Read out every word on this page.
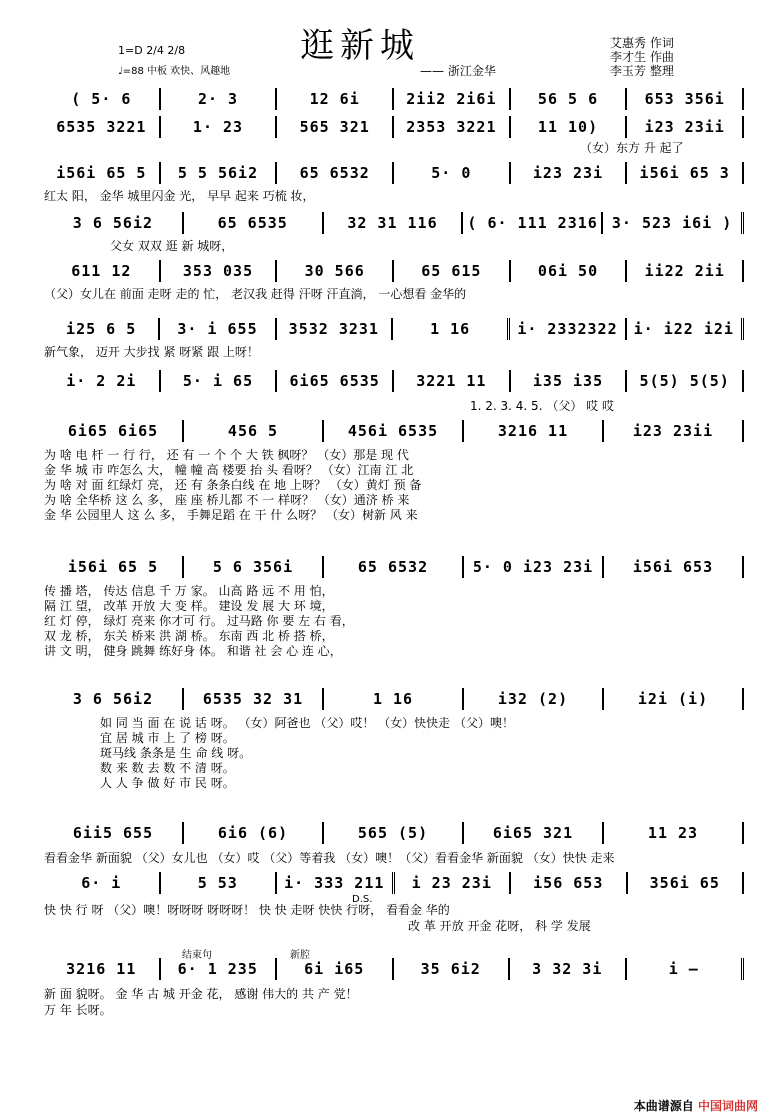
逛新城
—— 浙江金华
1=D 2/4 2/8
♩=88 中板 欢快、风趣地
艾惠秀 作词
李才生 作曲
李玉芳 整理
( 5· 6	2· 3	12 6i	2ii2 2i6i	56 5 6	653 356i
6535 3221	1· 23	565 321	2353 3221	11 10)	i23 23ii
（女）东方 升 起了
i56i 65 5	5 5 56i2	65 6532	5· 0	i23 23i	i56i 65 3
红太 阳， 金华 城里闪金 光， 早早 起来 巧梳 妆，
3 6 56i2	65 6535	32 31 116	( 6· 111 2316 3· 523 i6i )
父女 双双 逛 新 城呀，
611 12	353 035	30 566	65 615	06i 50	ii22 2ii
（父）女儿在 前面 走呀 走的 忙， 老汉我 赶得 汗呀 汗直淌， 一心想看 金华的
i25 6 5	3· i 655	3532 3231	1 16	i· 2332322	i· i22 i2i
新气象， 迈开 大步找 紧 呀紧 跟 上呀！
i· 2 2i	5· i 65	6i65 6535	3221 11	i35 i35	5(5) 5(5)
1. 2. 3. 4. 5. （父） 哎 哎
6i65 6i65	456 5	456i 6535	3216 11	i23 23ii
为 啥 电 杆 一 行 行， 还 有 一 个 个 大 铁 枫呀？ （女）那是 现 代
金 华 城 市 咋怎么 大， 幢 幢 高 楼要 抬 头 看呀？ （女）江南 江 北
为 啥 对 面 红绿灯 亮， 还 有 条条白线 在 地 上呀？ （女）黄灯 预 备
为 啥 全华桥 这 么 多， 座 座 桥儿都 不 一 样呀？ （女）通济 桥 来
金 华 公园里人 这 么 多， 手舞足蹈 在 干 什 么呀？ （女）树新 风 来
i56i 65 5	5 6 356i	65 6532	5· 0 i23 23i	i56i 653
传 播 塔， 传达 信息 千 万 家。 山高 路 远 不 用 怕，
隔 江 望， 改革 开放 大 变 样。 建设 发 展 大 环 境，
红 灯 停， 绿灯 亮来 你才可 行。 过马路 你 要 左 右 看，
双 龙 桥， 东关 桥来 洪 湖 桥。 东南 西 北 桥 搭 桥，
讲 文 明， 健身 跳舞 练好身 体。 和谐 社 会 心 连 心，
3 6 56i2	6535 32 31	1 16	i32 (2)	i2i (i)
如 同 当 面 在 说 话 呀。 （女）阿爸也 （父）哎！ （女）快快走 （父）噢！
宜 居 城 市 上 了 榜 呀。
斑马线 条条是 生 命 线 呀。
数 来 数 去 数 不 清 呀。
人 人 争 做 好 市 民 呀。
6ii5 655	6i6 (6)	565 (5)	6i65 321	11 23
看看金华 新面貌 （父）女儿也 （女）哎 （父）等着我 （女）噢！（父）看看金华 新面貌 （女）快快 走来
6· i	5 53	i· 333 211	i 23 23i	i56 653	356i 65
D.S.
快 快 行 呀 （父）噢！呀呀呀 呀呀呀！ 快 快 走呀 快快 行呀， 看看金 华的
改 革 开放 开金 花呀， 科 学 发展
结束句	新腔
3216 11	6· 1 235	6i i65	35 6i2	3 32 3i	i —
新 面 貌呀。 金 华 古 城 开金 花， 感谢 伟大的 共 产 党！
万 年 长呀。
本曲谱源自 中国词曲网
